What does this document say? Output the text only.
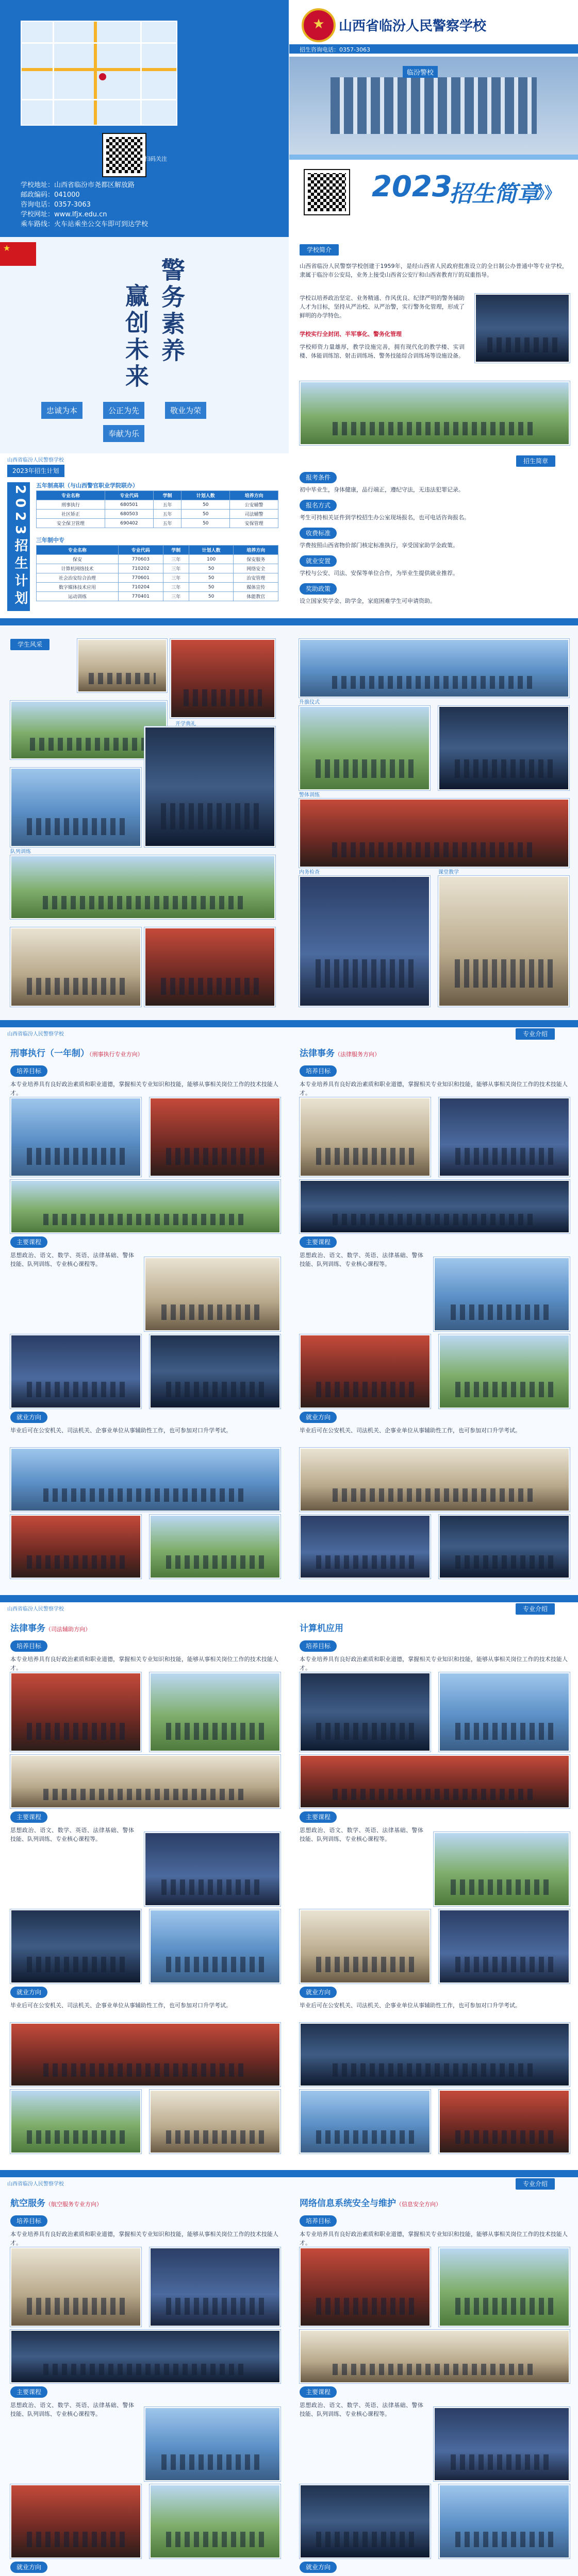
学校地址：山西省临汾市尧都区解放路
邮政编码：041000
咨询电话：0357-3063
学校网址：www.lfjx.edu.cn
乘车路线：火车站乘坐公交车即可到达学校
扫码关注
★
山西省临汾人民警察学校
招生咨询电话：0357-3063
临汾警校
2023
招生简章
》》
★
警务素养
赢创未来
忠诚为本	公正为先	敬业为荣
奉献为乐
学校简介
山西省临汾人民警察学校创建于1959年，是经山西省人民政府批准设立的全日制公办普通中等专业学校，隶属于临汾市公安局，业务上接受山西省公安厅和山西省教育厅的双重指导。
学校以培养政治坚定、业务精通、作风优良、纪律严明的警务辅助人才为目标，坚持从严治校、从严治警，实行警务化管理，形成了鲜明的办学特色。
学校实行全封闭、半军事化、警务化管理
学校师资力量雄厚，教学设施完善，拥有现代化的教学楼、实训楼、体能训练馆、射击训练场、警务技能综合训练场等设施设备。
山西省临汾人民警察学校
2023年招生计划
2023招生计划	五年制高职（与山西警官职业学院联办）
专业名称	专业代码	学制	计划人数	培养方向
刑事执行	680501	五年	50	公安辅警
社区矫正	680503	五年	50	司法辅警
安全保卫管理	690402	五年	50	安保管理
三年制中专
专业名称	专业代码	学制	计划人数	培养方向
保安	770603	三年	100	保安服务
计算机网络技术	710202	三年	50	网络安全
社会治安综合治理	770601	三年	50	治安管理
数字媒体技术应用	710204	三年	50	媒体宣传
运动训练	770401	三年	50	体能教官
招生简章
报考条件
初中毕业生，身体健康，品行端正，遵纪守法，无违法犯罪记录。
报名方式
考生可持相关证件到学校招生办公室现场报名，也可电话咨询报名。
收费标准
学费按照山西省物价部门核定标准执行，享受国家助学金政策。
就业安置
学校与公安、司法、安保等单位合作，为毕业生提供就业推荐。
奖助政策
设立国家奖学金、助学金，家庭困难学生可申请资助。
学生风采
开学典礼
队列训练
警体训练
升旗仪式
内务检查	课堂教学
山西省临汾人民警察学校	专业介绍
刑事执行（一年制）（刑事执行专业方向）
培养目标
本专业培养具有良好政治素质和职业道德，掌握相关专业知识和技能，能够从事相关岗位工作的技术技能人才。
主要课程
思想政治、语文、数学、英语、法律基础、警体技能、队列训练、专业核心课程等。
就业方向
毕业后可在公安机关、司法机关、企事业单位从事辅助性工作，也可参加对口升学考试。
法律事务（法律服务方向）
培养目标
本专业培养具有良好政治素质和职业道德，掌握相关专业知识和技能，能够从事相关岗位工作的技术技能人才。
主要课程
思想政治、语文、数学、英语、法律基础、警体技能、队列训练、专业核心课程等。
就业方向
毕业后可在公安机关、司法机关、企事业单位从事辅助性工作，也可参加对口升学考试。
山西省临汾人民警察学校	专业介绍
法律事务（司法辅助方向）
培养目标
本专业培养具有良好政治素质和职业道德，掌握相关专业知识和技能，能够从事相关岗位工作的技术技能人才。
主要课程
思想政治、语文、数学、英语、法律基础、警体技能、队列训练、专业核心课程等。
就业方向
毕业后可在公安机关、司法机关、企事业单位从事辅助性工作，也可参加对口升学考试。
计算机应用
培养目标
本专业培养具有良好政治素质和职业道德，掌握相关专业知识和技能，能够从事相关岗位工作的技术技能人才。
主要课程
思想政治、语文、数学、英语、法律基础、警体技能、队列训练、专业核心课程等。
就业方向
毕业后可在公安机关、司法机关、企事业单位从事辅助性工作，也可参加对口升学考试。
山西省临汾人民警察学校	专业介绍
航空服务（航空服务专业方向）
培养目标
本专业培养具有良好政治素质和职业道德，掌握相关专业知识和技能，能够从事相关岗位工作的技术技能人才。
主要课程
思想政治、语文、数学、英语、法律基础、警体技能、队列训练、专业核心课程等。
就业方向
网络信息系统安全与维护（信息安全方向）
培养目标
本专业培养具有良好政治素质和职业道德，掌握相关专业知识和技能，能够从事相关岗位工作的技术技能人才。
主要课程
思想政治、语文、数学、英语、法律基础、警体技能、队列训练、专业核心课程等。
就业方向
